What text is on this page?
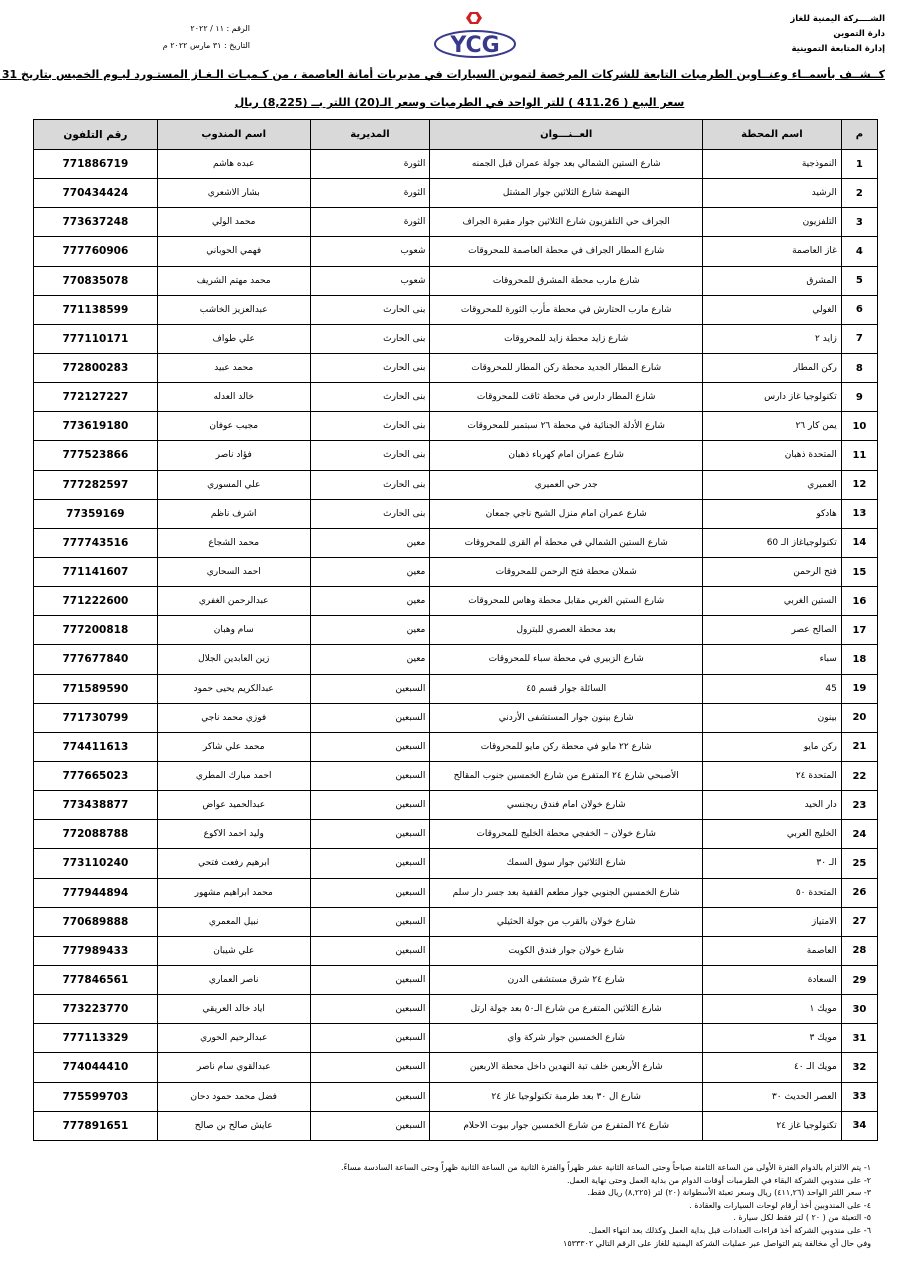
الشــــركة اليمنية للغاز
دارة التموين
إدارة المتابعة التموينية
YCG
الرقم : ١١ / ٢٠٢٢
التاريخ : ٣١ مارس ٢٠٢٢ م
كــشــف بأسمــاء وعنــاوين الطرمبات التابعة للشركات المرخصة لتموين السيارات في مديريات أمانة العاصمة ، من كـميـات الـغـاز المستـورد ليـوم الخميس بتاريخ 31
سعر البيع ( 411.26 ) للتر الواحد في الطرمبات وسعر الـ(20) اللتر بــ (8,225) ريال
م	اسم المحطة	العــنـــوان	المديرية	اسم المندوب	رقم التلفون
1	النموذجية	شارع الستين الشمالي بعد جولة عمران قبل الجمنه	الثورة	عبده هاشم	771886719
2	الرشيد	النهضة شارع الثلاثين جوار المشتل	الثورة	بشار الاشعري	770434424
3	التلفزيون	الجراف حي التلفزيون شارع الثلاثين جوار مقبرة الجراف	الثورة	محمد الولي	773637248
4	غاز العاصمة	شارع المطار الجراف في محطة العاصمة للمحروقات	شعوب	فهمي الحوباني	777760906
5	المشرق	شارع مارب محطة المشرق للمحروقات	شعوب	محمد مهتم الشريف	770835078
6	الغولي	شارع مارب الحتارش في محطة مأرب الثورة للمحروقات	بنى الحارث	عبدالعزيز الخاشب	771138599
7	زايد ٢	شارع زايد محطة زايد للمحروقات	بنى الحارث	علي طواف	777110171
8	ركن المطار	شارع المطار الجديد محطة ركن المطار للمحروقات	بنى الحارث	محمد عبيد	772800283
9	تكنولوجيا غاز دارس	شارع المطار دارس في محطة ثاقت للمحروقات	بنى الحارث	خالد العدله	772127227
10	يمن كار ٢٦	شارع الأدلة الجنائية في محطة ٢٦ سبتمبر للمحروقات	بنى الحارث	مجيب عوفان	773619180
11	المتحدة ذهبان	شارع عمران امام كهرباء ذهبان	بنى الحارث	فؤاد ناصر	777523866
12	العميري	جدر حي العميري	بنى الحارث	علي المسوري	777282597
13	هادكو	شارع عمران امام منزل الشيخ ناجي جمعان	بنى الحارث	اشرف ناظم	77359169
14	تكنولوجياغاز الـ 60	شارع الستين الشمالي في محطة أم القرى للمحروقات	معين	محمد الشجاع	777743516
15	فتح الرحمن	شملان محطة فتح الرحمن للمحروقات	معين	احمد السحاري	771141607
16	الستين الغربي	شارع الستين الغربي مقابل محطة وهاس للمحروقات	معين	عبدالرحمن الغفري	771222600
17	الصالح عصر	بعد محطة العصري للبترول	معين	سام وهبان	777200818
18	سباء	شارع الزبيري في محطة سباء للمحروقات	معين	زين العابدين الجلال	777677840
19	45	السائلة جوار قسم ٤٥	السبعين	عبدالكريم يحيى حمود	771589590
20	بينون	شارع بينون جوار المستشفى الأردني	السبعين	فوزي محمد ناجي	771730799
21	ركن مايو	شارع ٢٢ مايو في محطة ركن مايو للمحروقات	السبعين	محمد علي شاكر	774411613
22	المتحدة ٢٤	الأصبحي شارع ٢٤ المتفرع من شارع الخمسين جنوب المقالح	السبعين	احمد مبارك المطري	777665023
23	دار الحيد	شارع خولان امام فندق ريجنسي	السبعين	عبدالحميد عواض	773438877
24	الخليج العربي	شارع خولان – الخفجي محطة الخليج للمحروقات	السبعين	وليد احمد الاكوع	772088788
25	الـ ٣٠	شارع الثلاثين جوار سوق السمك	السبعين	ابرهيم رفعت فتحي	773110240
26	المتحدة ٥٠	شارع الخمسين الجنوبي جوار مطعم القفية بعد جسر دار سلم	السبعين	محمد ابراهيم مشهور	777944894
27	الامتياز	شارع خولان بالقرب من جولة الحثيلي	السبعين	نبيل المعمري	770689888
28	العاصمة	شارع خولان جوار فندق الكويت	السبعين	علي شيبان	777989433
29	السعادة	شارع ٢٤ شرق مستشفى الدرن	السبعين	ناصر العماري	777846561
30	مويك ١	شارع الثلاثين المتفرع من شارع الـ٥٠ بعد جولة ارتل	السبعين	اياد خالد العريقي	773223770
31	مويك ٣	شارع الخمسين جوار شركة واي	السبعين	عبدالرحيم الحوري	777113329
32	مويك الـ ٤٠	شارع الأربعين خلف تبة النهدين داخل محطة الاربعين	السبعين	عبدالقوي سام ناصر	774044410
33	العصر الحديث ٣٠	شارع ال ٣٠ بعد طرمبة تكنولوجيا غاز ٢٤	السبعين	فضل محمد حمود دحان	775599703
34	تكنولوجيا غاز ٢٤	شارع ٢٤ المتفرع من شارع الخمسين جوار بيوت الاحلام	السبعين	عايش صالح بن صالح	777891651
١- يتم الالتزام بالدوام الفترة الأولى من الساعة الثامنة صباحاً وحتى الساعة الثانية عشر ظهراً والفترة الثانية من الساعة الثانية ظهراً وحتى الساعة السادسة مساءً.
٢- على مندوبي الشركة البقاء في الطرمبات أوقات الدوام من بداية العمل وحتى نهاية العمل.
٣- سعر اللتر الواحد (٤١١,٢٦) ريال وسعر تعبئة الأسطوانة (٢٠) لتر (٨,٢٢٥) ريال فقط.
٤- على المندوبين أخذ أرقام لوحات السيارات والعقادة .
٥- التعبئة من ( ٢٠ ) لتر فقط لكل سيارة .
٦- على مندوبي الشركة أخذ قراءات العدادات قبل بداية العمل وكذلك بعد انتهاء العمل.
وفي حال أي مخالفة يتم التواصل عبر عمليات الشركة اليمنية للغاز على الرقم التالي ١٥٣٣٣٠٢
